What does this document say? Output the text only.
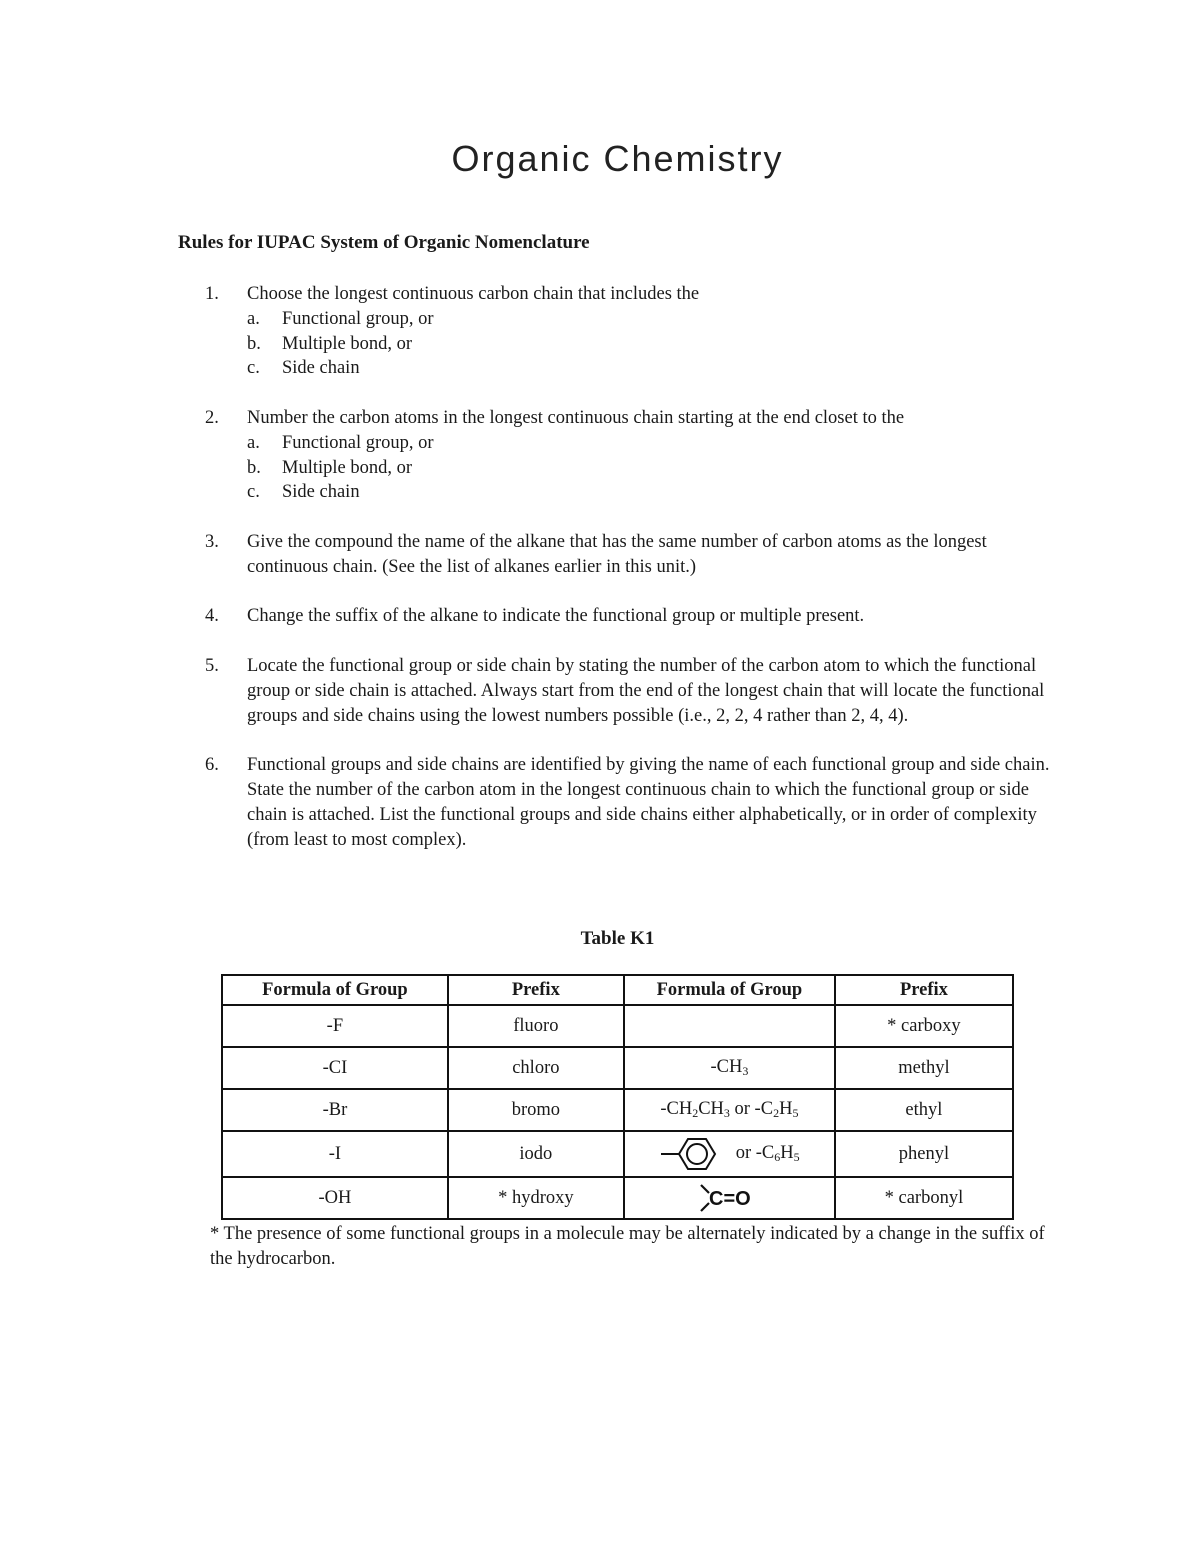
Organic Chemistry
Rules for IUPAC System of Organic Nomenclature
1.	Choose the longest continuous carbon chain that includes the
a.	Functional group, or
b.	Multiple bond, or
c.	Side chain
2.	Number the carbon atoms in the longest continuous chain starting at the end closet to the
a.	Functional group, or
b.	Multiple bond, or
c.	Side chain
3.	Give the compound the name of the alkane that has the same number of carbon atoms as the longest continuous chain. (See the list of alkanes earlier in this unit.)
4.	Change the suffix of the alkane to indicate the functional group or multiple present.
5.	Locate the functional group or side chain by stating the number of the carbon atom to which the functional group or side chain is attached. Always start from the end of the longest chain that will locate the functional groups and side chains using the lowest numbers possible (i.e., 2, 2, 4 rather than 2, 4, 4).
6.	Functional groups and side chains are identified by giving the name of each functional group and side chain. State the number of the carbon atom in the longest continuous chain to which the functional group or side chain is attached. List the functional groups and side chains either alphabetically, or in order of complexity (from least to most complex).
Table K1
Formula of Group	Prefix	Formula of Group	Prefix
-F	fluoro		* carboxy
-CI	chloro	$-CH_3$	methyl
-Br	bromo	$-CH_2CH_3$ or $-C_2H_5$	ethyl
-I	iodo	or $-C_6H_5$	phenyl
-OH	* hydroxy	C=O	* carbonyl
* The presence of some functional groups in a molecule may be alternately indicated by a change in the suffix of the hydrocarbon.
